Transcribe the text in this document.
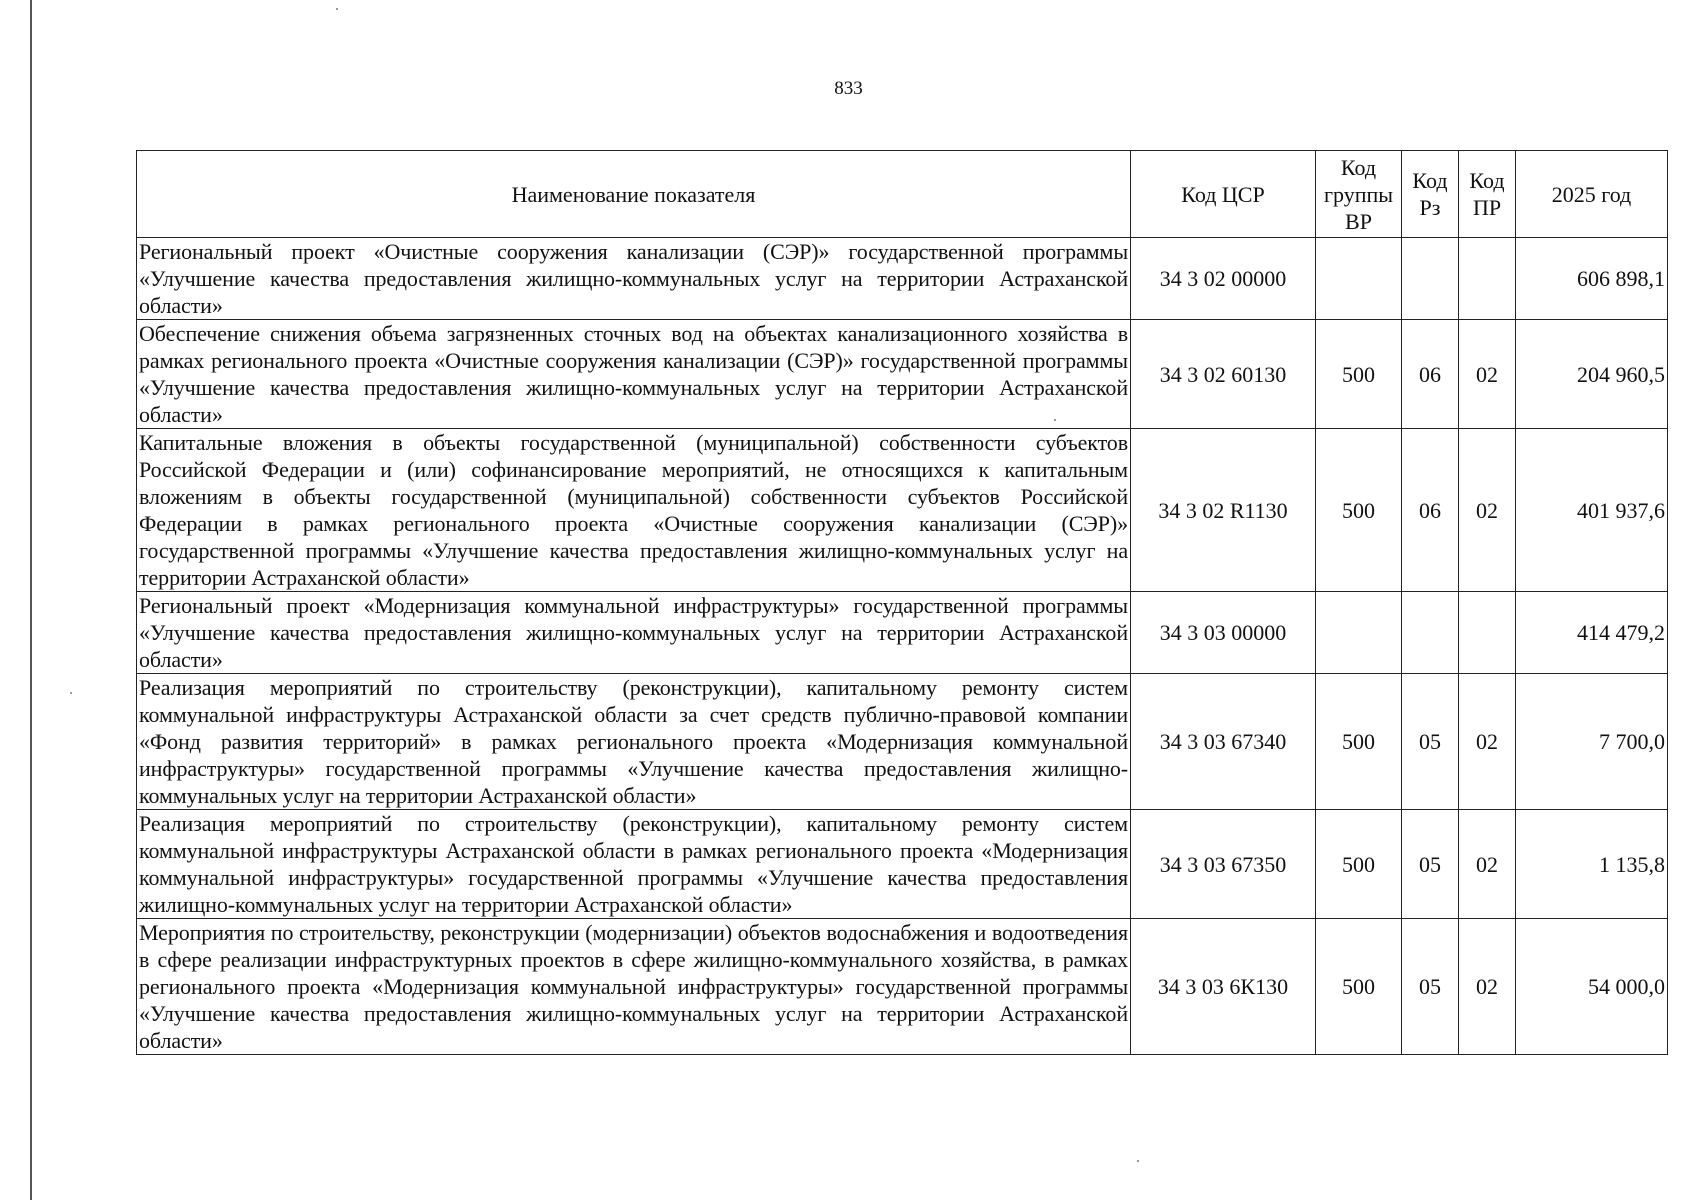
833
Наименование показателя	Код ЦСР	Код группы ВР	Код Рз	Код ПР	2025 год
Региональный проект «Очистные сооружения канализации (СЭР)» государственной программы «Улучшение качества предоставления жилищно-коммунальных услуг на территории Астраханской области»	34 3 02 00000				606 898,1
Обеспечение снижения объема загрязненных сточных вод на объектах канализационного хозяйства в рамках регионального проекта «Очистные сооружения канализации (СЭР)» государственной программы «Улучшение качества предоставления жилищно-коммунальных услуг на территории Астраханской области»	34 3 02 60130	500	06	02	204 960,5
Капитальные вложения в объекты государственной (муниципальной) собственности субъектов Российской Федерации и (или) софинансирование мероприятий, не относящихся к капитальным вложениям в объекты государственной (муниципальной) собственности субъектов Российской Федерации в рамках регионального проекта «Очистные сооружения канализации (СЭР)» государственной программы «Улучшение качества предоставления жилищно-коммунальных услуг на территории Астраханской области»	34 3 02 R1130	500	06	02	401 937,6
Региональный проект «Модернизация коммунальной инфраструктуры» государственной программы «Улучшение качества предоставления жилищно-коммунальных услуг на территории Астраханской области»	34 3 03 00000				414 479,2
Реализация мероприятий по строительству (реконструкции), капитальному ремонту систем коммунальной инфраструктуры Астраханской области за счет средств публично-правовой компании «Фонд развития территорий» в рамках регионального проекта «Модернизация коммунальной инфраструктуры» государственной программы «Улучшение качества предоставления жилищно-коммунальных услуг на территории Астраханской области»	34 3 03 67340	500	05	02	7 700,0
Реализация мероприятий по строительству (реконструкции), капитальному ремонту систем коммунальной инфраструктуры Астраханской области в рамках регионального проекта «Модернизация коммунальной инфраструктуры» государственной программы «Улучшение качества предоставления жилищно-коммунальных услуг на территории Астраханской области»	34 3 03 67350	500	05	02	1 135,8
Мероприятия по строительству, реконструкции (модернизации) объектов водоснабжения и водоотведения в сфере реализации инфраструктурных проектов в сфере жилищно-коммунального хозяйства, в рамках регионального проекта «Модернизация коммунальной инфраструктуры» государственной программы «Улучшение качества предоставления жилищно-коммунальных услуг на территории Астраханской области»	34 3 03 6К130	500	05	02	54 000,0
